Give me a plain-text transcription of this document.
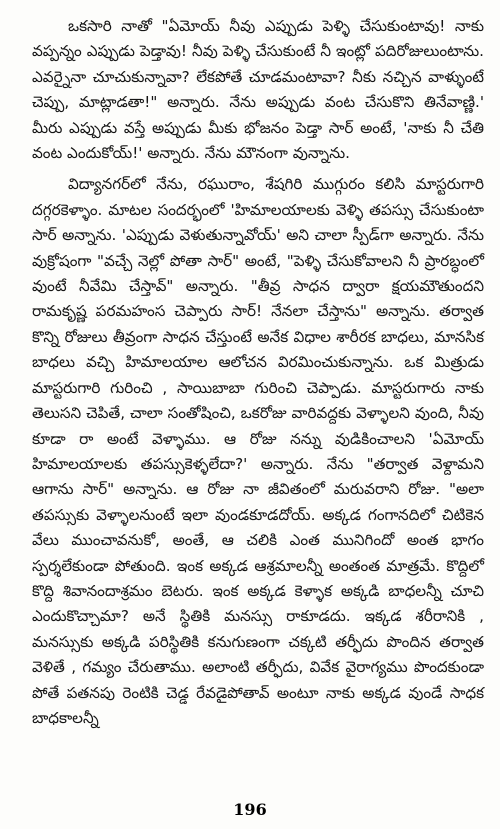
ఒకసారి నాతో "ఏమోయ్ నీవు ఎప్పుడు పెళ్ళి చేసుకుంటావు! నాకు వప్పన్నం ఎప్పుడు పెడ్తావు! నీవు పెళ్ళి చేసుకుంటే నీ ఇంట్లో పదిరోజులుంటాను. ఎవర్నైనా చూచుకున్నావా? లేకపోతే చూడమంటావా? నీకు నచ్చిన వాళ్ళుంటే చెప్పు, మాట్లాడతా!" అన్నారు. నేను అప్పుడు వంట చేసుకొని తినేవాణ్ణి.' మీరు ఎప్పుడు వస్తే అప్పుడు మీకు భోజనం పెడ్తా సార్ అంటే, 'నాకు నీ చేతి వంట ఎందుకోయ్!' అన్నారు. నేను మౌనంగా వున్నాను.

విద్యానగర్‌లో నేను, రఘురాం, శేషగిరి ముగ్గురం కలిసి మాస్టరుగారి దగ్గరకెళ్ళాం. మాటల సందర్భంలో 'హిమాలయాలకు వెళ్ళి తపస్సు చేసుకుంటా సార్ అన్నాను. 'ఎప్పుడు వెళుతున్నావోయ్' అని చాలా స్పీడ్‌గా అన్నారు. నేను వుక్రోషంగా "వచ్చే నెల్లో పోతా సార్" అంటే, "పెళ్ళి చేసుకోవాలని నీ ప్రారబ్ధంలో వుంటే నీవేమి చేస్తావ్" అన్నారు. "తీవ్ర సాధన ద్వారా క్షయమౌతుందని రామకృష్ణ పరమహంస చెప్పారు సార్! నేనలా చేస్తాను" అన్నాను. తర్వాత కొన్ని రోజులు తీవ్రంగా సాధన చేస్తుంటే అనేక విధాల శారీరక బాధలు, మానసిక బాధలు వచ్చి హిమాలయాల ఆలోచన విరమించుకున్నాను. ఒక మిత్రుడు మాస్టరుగారి గురించి , సాయిబాబా గురించి చెప్పాడు. మాస్టరుగారు నాకు తెలుసని చెపితే, చాలా సంతోషించి, ఒకరోజు వారివద్దకు వెళ్ళాలని వుంది, నీవు కూడా రా అంటే వెళ్ళాము. ఆ రోజు నన్ను వుడికించాలని 'ఏమోయ్ హిమాలయాలకు తపస్సుకెళ్ళలేదా?' అన్నారు. నేను "తర్వాత వెళ్దామని ఆగాను సార్" అన్నాను. ఆ రోజు నా జీవితంలో మరువరాని రోజు. "అలా తపస్సుకు వెళ్ళాలనుంటే ఇలా వుండకూడదోయ్. అక్కడ గంగానదిలో చిటికెన వేలు ముంచావనుకో, అంతే, ఆ చలికి ఎంత మునిగిందో అంత భాగం స్పర్శలేకుండా పోతుంది. ఇంక అక్కడ ఆశ్రమాలన్నీ అంతంత మాత్రమే. కొద్దిలో కొద్ది శివానందాశ్రమం బెటరు. ఇంక అక్కడ కెళ్ళాక అక్కడి బాధలన్నీ చూచి ఎందుకొచ్చామా? అనే స్థితికి మనస్సు రాకూడదు. ఇక్కడ శరీరానికి , మనస్సుకు అక్కడి పరిస్థితికి కనుగుణంగా చక్కటి తర్ఫీదు పొందిన తర్వాత వెళితే , గమ్యం చేరుతాము. అలాంటి తర్ఫీదు, వివేక వైరాగ్యము పొందకుండా పోతే పతనపు రెంటికి చెడ్డ రేవడైపోతావ్ అంటూ నాకు అక్కడ వుండే సాధక బాధకాలన్నీ

196
